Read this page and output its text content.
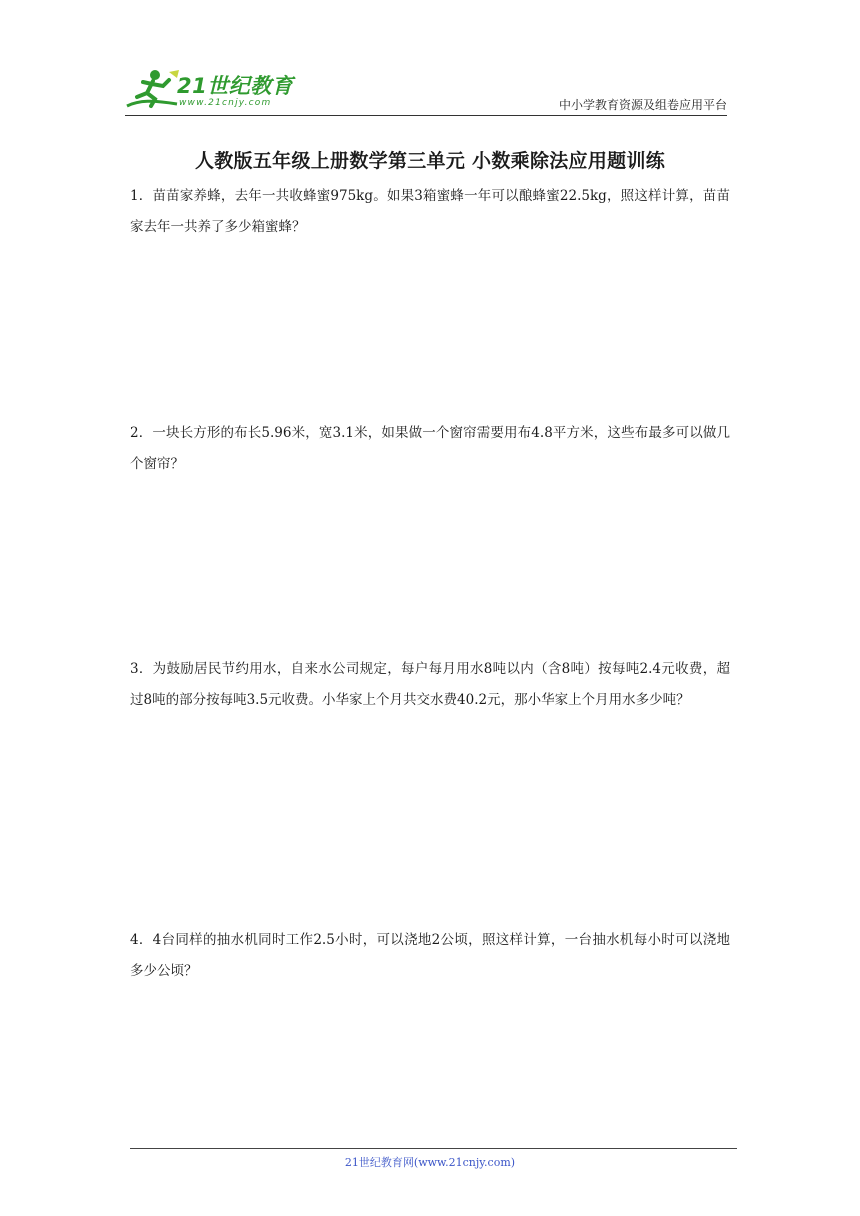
21世纪教育
www.21cnjy.com	中小学教育资源及组卷应用平台
人教版五年级上册数学第三单元 小数乘除法应用题训练

1．苗苗家养蜂，去年一共收蜂蜜975kg。如果3箱蜜蜂一年可以酿蜂蜜22.5kg，照这样计算，苗苗家去年一共养了多少箱蜜蜂？

2．一块长方形的布长5.96米，宽3.1米，如果做一个窗帘需要用布4.8平方米，这些布最多可以做几个窗帘？

3．为鼓励居民节约用水，自来水公司规定，每户每月用水8吨以内（含8吨）按每吨2.4元收费，超过8吨的部分按每吨3.5元收费。小华家上个月共交水费40.2元，那小华家上个月用水多少吨？

4．4台同样的抽水机同时工作2.5小时，可以浇地2公顷，照这样计算，一台抽水机每小时可以浇地多少公顷？

21世纪教育网(www.21cnjy.com)
